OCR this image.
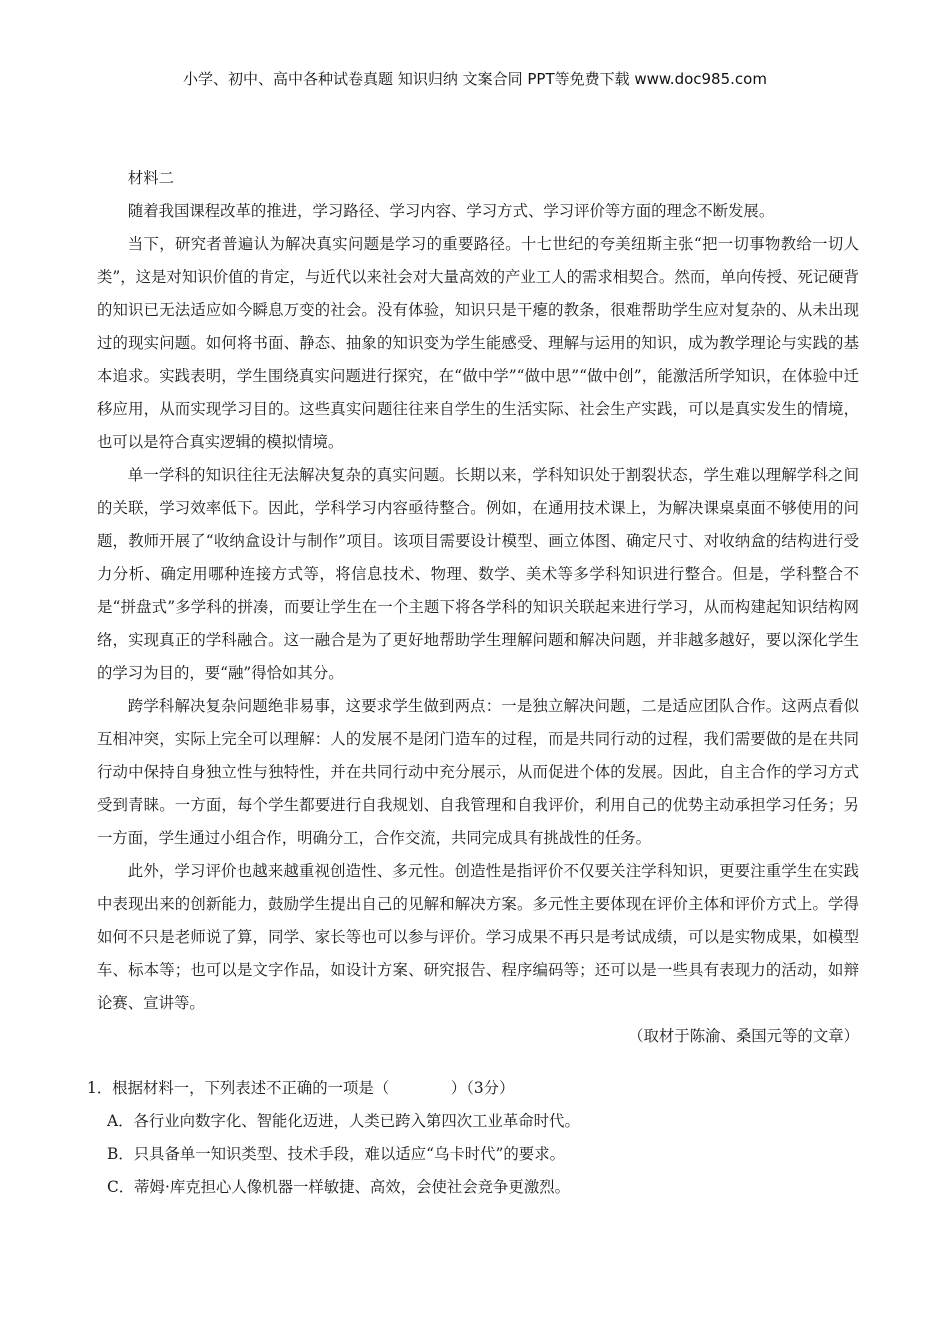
小学、初中、高中各种试卷真题 知识归纳 文案合同 PPT等免费下载 www.doc985.com

材料二

随着我国课程改革的推进，学习路径、学习内容、学习方式、学习评价等方面的理念不断发展。

当下，研究者普遍认为解决真实问题是学习的重要路径。十七世纪的夸美纽斯主张“把一切事物教给一切人类”，这是对知识价值的肯定，与近代以来社会对大量高效的产业工人的需求相契合。然而，单向传授、死记硬背的知识已无法适应如今瞬息万变的社会。没有体验，知识只是干瘪的教条，很难帮助学生应对复杂的、从未出现过的现实问题。如何将书面、静态、抽象的知识变为学生能感受、理解与运用的知识，成为教学理论与实践的基本追求。实践表明，学生围绕真实问题进行探究，在“做中学”“做中思”“做中创”，能激活所学知识，在体验中迁移应用，从而实现学习目的。这些真实问题往往来自学生的生活实际、社会生产实践，可以是真实发生的情境，也可以是符合真实逻辑的模拟情境。

单一学科的知识往往无法解决复杂的真实问题。长期以来，学科知识处于割裂状态，学生难以理解学科之间的关联，学习效率低下。因此，学科学习内容亟待整合。例如，在通用技术课上，为解决课桌桌面不够使用的问题，教师开展了“收纳盒设计与制作”项目。该项目需要设计模型、画立体图、确定尺寸、对收纳盒的结构进行受力分析、确定用哪种连接方式等，将信息技术、物理、数学、美术等多学科知识进行整合。但是，学科整合不是“拼盘式”多学科的拼凑，而要让学生在一个主题下将各学科的知识关联起来进行学习，从而构建起知识结构网络，实现真正的学科融合。这一融合是为了更好地帮助学生理解问题和解决问题，并非越多越好，要以深化学生的学习为目的，要“融”得恰如其分。

跨学科解决复杂问题绝非易事，这要求学生做到两点：一是独立解决问题，二是适应团队合作。这两点看似互相冲突，实际上完全可以理解：人的发展不是闭门造车的过程，而是共同行动的过程，我们需要做的是在共同行动中保持自身独立性与独特性，并在共同行动中充分展示，从而促进个体的发展。因此，自主合作的学习方式受到青睐。一方面，每个学生都要进行自我规划、自我管理和自我评价，利用自己的优势主动承担学习任务；另一方面，学生通过小组合作，明确分工，合作交流，共同完成具有挑战性的任务。

此外，学习评价也越来越重视创造性、多元性。创造性是指评价不仅要关注学科知识，更要注重学生在实践中表现出来的创新能力，鼓励学生提出自己的见解和解决方案。多元性主要体现在评价主体和评价方式上。学得如何不只是老师说了算，同学、家长等也可以参与评价。学习成果不再只是考试成绩，可以是实物成果，如模型车、标本等；也可以是文字作品，如设计方案、研究报告、程序编码等；还可以是一些具有表现力的活动，如辩论赛、宣讲等。

（取材于陈渝、桑国元等的文章）

1．根据材料一，下列表述不正确的一项是（　　　　）（3分）

A．各行业向数字化、智能化迈进，人类已跨入第四次工业革命时代。

B．只具备单一知识类型、技术手段，难以适应“乌卡时代”的要求。

C．蒂姆·库克担心人像机器一样敏捷、高效，会使社会竞争更激烈。
